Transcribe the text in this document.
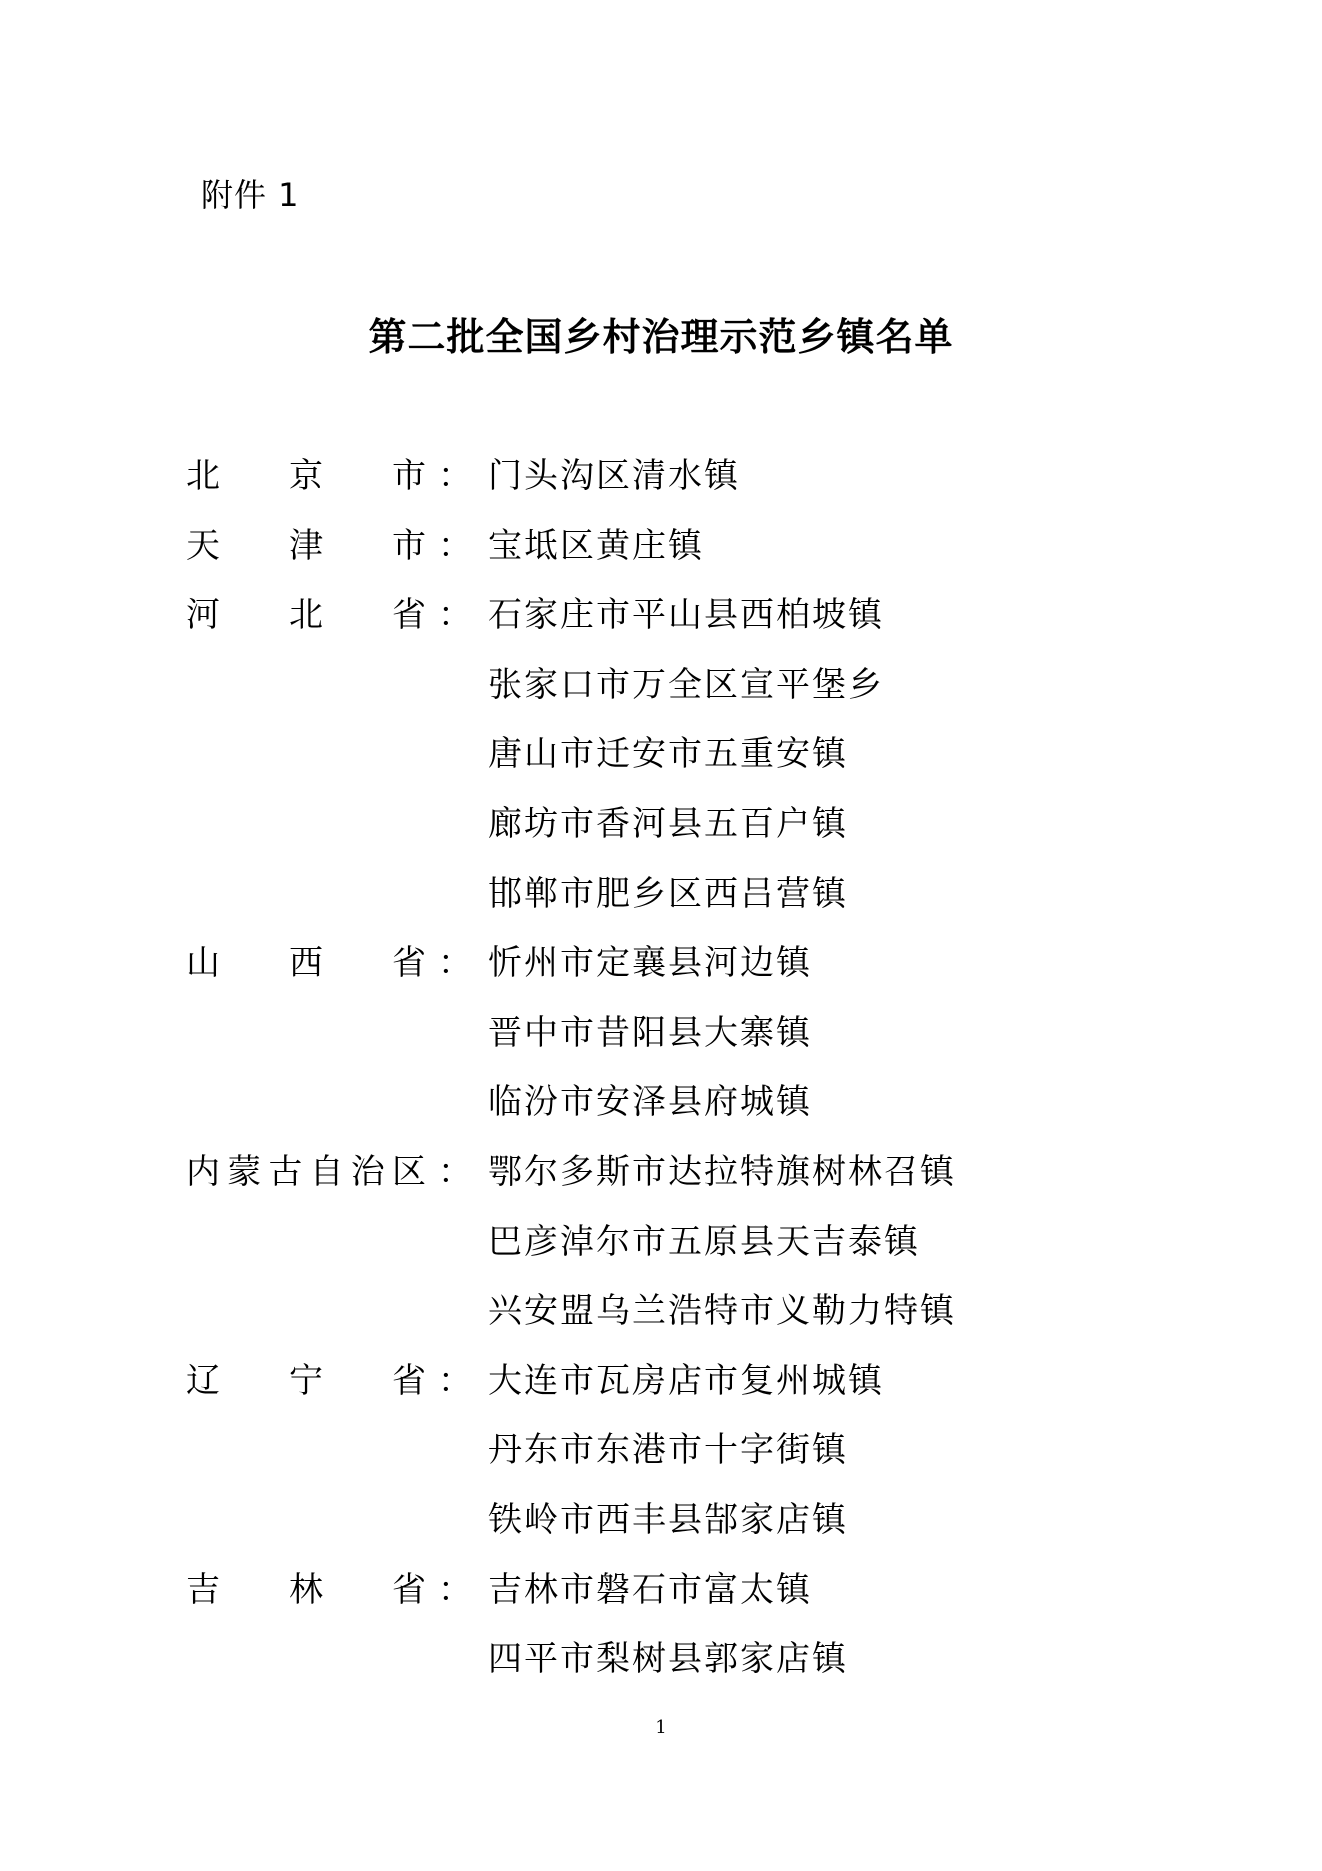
附件 1
第二批全国乡村治理示范乡镇名单
北 京 市 ： 门头沟区清水镇
天 津 市 ： 宝坻区黄庄镇
河 北 省 ： 石家庄市平山县西柏坡镇
张家口市万全区宣平堡乡
唐山市迁安市五重安镇
廊坊市香河县五百户镇
邯郸市肥乡区西吕营镇
山 西 省 ： 忻州市定襄县河边镇
晋中市昔阳县大寨镇
临汾市安泽县府城镇
内 蒙 古 自 治 区 ： 鄂尔多斯市达拉特旗树林召镇
巴彦淖尔市五原县天吉泰镇
兴安盟乌兰浩特市义勒力特镇
辽 宁 省 ： 大连市瓦房店市复州城镇
丹东市东港市十字街镇
铁岭市西丰县郜家店镇
吉 林 省 ： 吉林市磐石市富太镇
四平市梨树县郭家店镇
1
